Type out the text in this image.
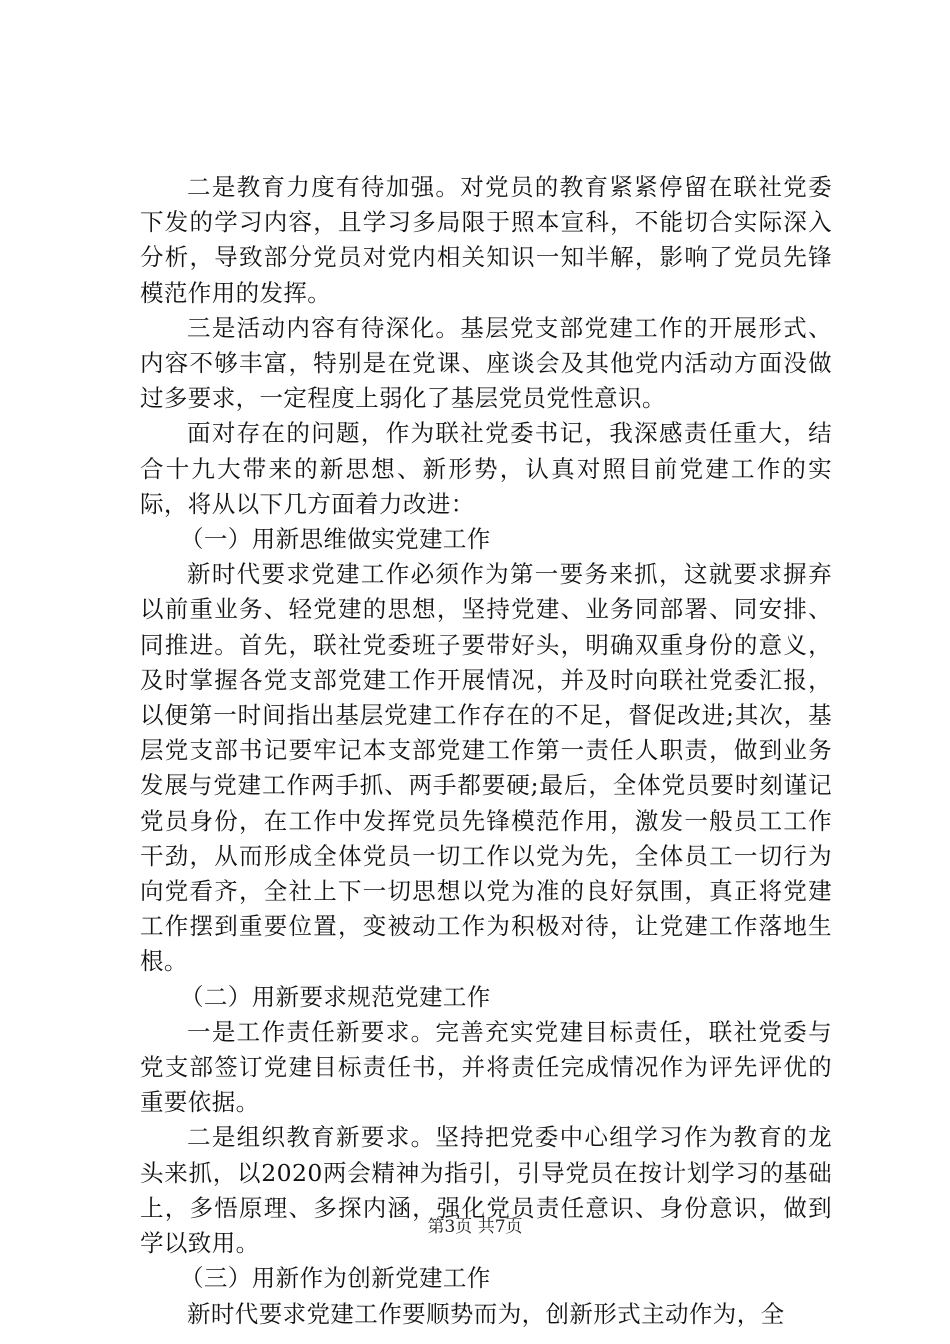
二是教育力度有待加强。对党员的教育紧紧停留在联社党委下发的学习内容，且学习多局限于照本宣科，不能切合实际深入分析，导致部分党员对党内相关知识一知半解，影响了党员先锋模范作用的发挥。

三是活动内容有待深化。基层党支部党建工作的开展形式、内容不够丰富，特别是在党课、座谈会及其他党内活动方面没做过多要求，一定程度上弱化了基层党员党性意识。

面对存在的问题，作为联社党委书记，我深感责任重大，结合十九大带来的新思想、新形势，认真对照目前党建工作的实际，将从以下几方面着力改进：

（一）用新思维做实党建工作

新时代要求党建工作必须作为第一要务来抓，这就要求摒弃以前重业务、轻党建的思想，坚持党建、业务同部署、同安排、同推进。首先，联社党委班子要带好头，明确双重身份的意义，及时掌握各党支部党建工作开展情况，并及时向联社党委汇报，以便第一时间指出基层党建工作存在的不足，督促改进;其次，基层党支部书记要牢记本支部党建工作第一责任人职责，做到业务发展与党建工作两手抓、两手都要硬;最后，全体党员要时刻谨记党员身份，在工作中发挥党员先锋模范作用，激发一般员工工作干劲，从而形成全体党员一切工作以党为先，全体员工一切行为向党看齐，全社上下一切思想以党为准的良好氛围，真正将党建工作摆到重要位置，变被动工作为积极对待，让党建工作落地生根。

（二）用新要求规范党建工作

一是工作责任新要求。完善充实党建目标责任，联社党委与党支部签订党建目标责任书，并将责任完成情况作为评先评优的重要依据。

二是组织教育新要求。坚持把党委中心组学习作为教育的龙头来抓，以2020两会精神为指引，引导党员在按计划学习的基础上，多悟原理、多探内涵，强化党员责任意识、身份意识，做到学以致用。

（三）用新作为创新党建工作

新时代要求党建工作要顺势而为，创新形式主动作为，全

第3页 共7页
